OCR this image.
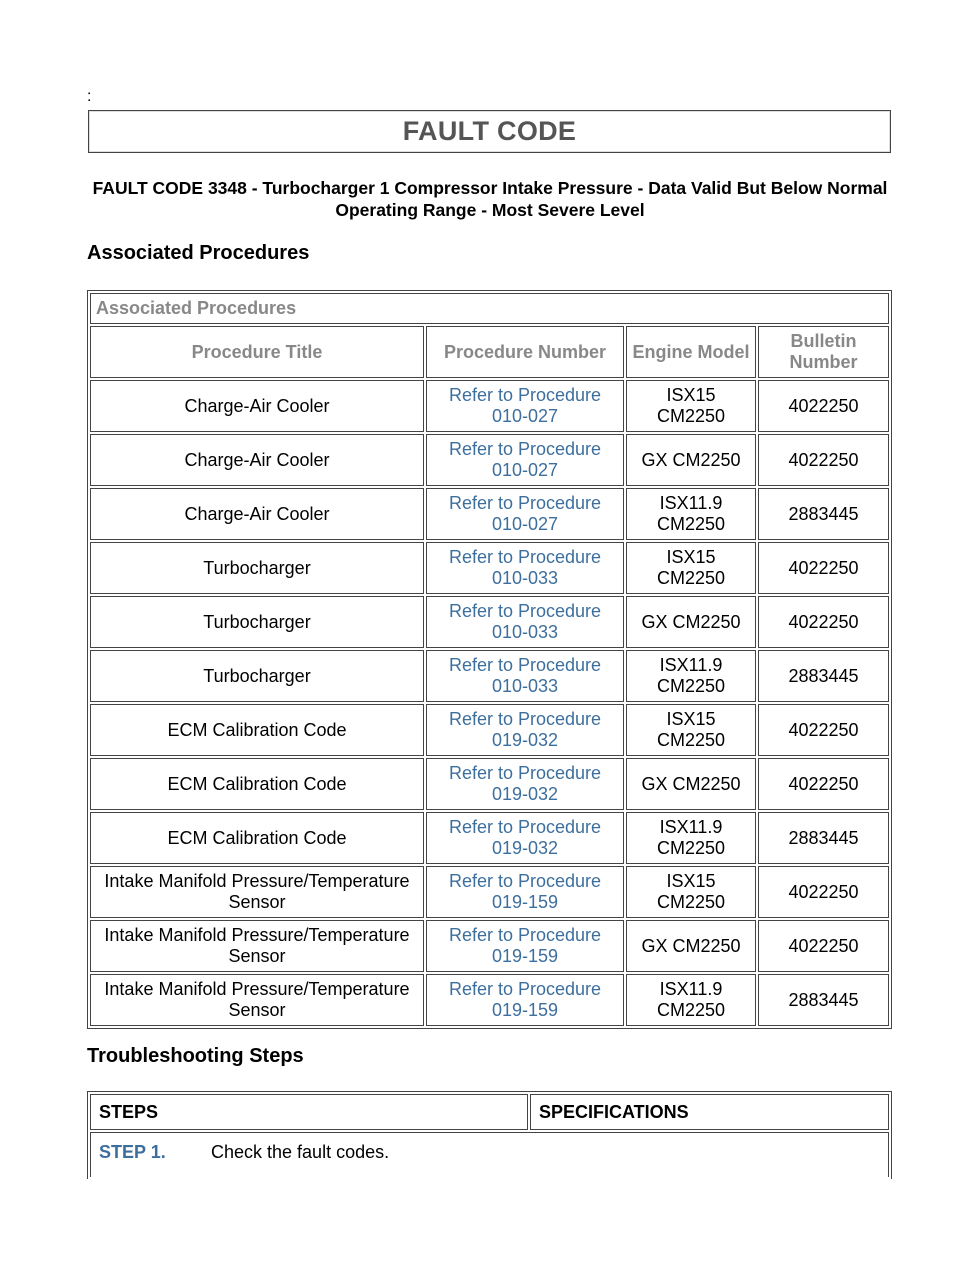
:
FAULT CODE
FAULT CODE 3348 - Turbocharger 1 Compressor Intake Pressure - Data Valid But Below Normal Operating Range - Most Severe Level
Associated Procedures
Associated Procedures			
Procedure Title	Procedure Number	Engine Model	Bulletin Number
Charge-Air Cooler	Refer to Procedure 010-027	ISX15 CM2250	4022250
Charge-Air Cooler	Refer to Procedure 010-027	GX CM2250	4022250
Charge-Air Cooler	Refer to Procedure 010-027	ISX11.9 CM2250	2883445
Turbocharger	Refer to Procedure 010-033	ISX15 CM2250	4022250
Turbocharger	Refer to Procedure 010-033	GX CM2250	4022250
Turbocharger	Refer to Procedure 010-033	ISX11.9 CM2250	2883445
ECM Calibration Code	Refer to Procedure 019-032	ISX15 CM2250	4022250
ECM Calibration Code	Refer to Procedure 019-032	GX CM2250	4022250
ECM Calibration Code	Refer to Procedure 019-032	ISX11.9 CM2250	2883445
Intake Manifold Pressure/Temperature Sensor	Refer to Procedure 019-159	ISX15 CM2250	4022250
Intake Manifold Pressure/Temperature Sensor	Refer to Procedure 019-159	GX CM2250	4022250
Intake Manifold Pressure/Temperature Sensor	Refer to Procedure 019-159	ISX11.9 CM2250	2883445
Troubleshooting Steps
STEPS	SPECIFICATIONS
STEP 1.	Check the fault codes.
